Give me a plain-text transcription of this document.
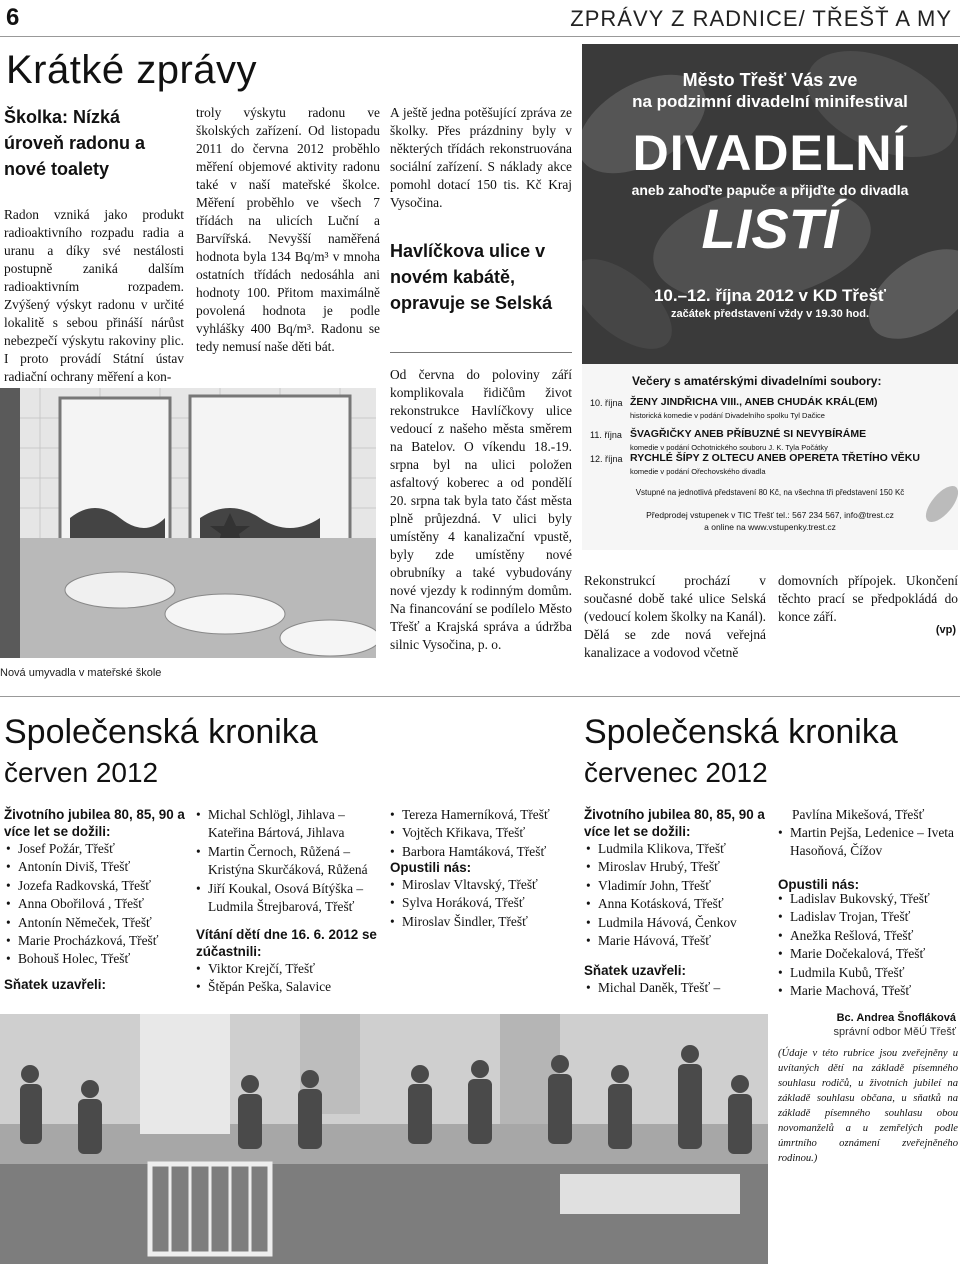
6	ZPRÁVY Z RADNICE/ TŘEŠŤ A MY
Krátké zprávy
Školka: Nízká úroveň radonu a nové toalety
Radon vzniká jako produkt radioaktivního rozpadu radia a uranu a díky své nestálosti postupně zaniká dalším radioaktivním rozpadem. Zvýšený výskyt radonu v určité lokalitě s sebou přináší nárůst nebezpečí výskytu rakoviny plic. I proto provádí Státní ústav radiační ochrany měření a kon-
troly výskytu radonu ve školských zařízení. Od listopadu 2011 do června 2012 proběhlo měření objemové aktivity radonu také v naší mateřské školce. Měření proběhlo ve všech 7 třídách na ulicích Luční a Barvířská. Nevyšší naměřená hodnota byla 134 Bq/m³ v mnoha ostatních třídách nedosáhla ani hodnoty 100. Přitom maximálně povolená hodnota je podle vyhlášky 400 Bq/m³. Radonu se tedy nemusí naše děti bát.
A ještě jedna potěšující zpráva ze školky. Přes prázdniny byly v některých třídách rekonstruována sociální zařízení. S náklady akce pomohl dotací 150 tis. Kč Kraj Vysočina.
Nová umyvadla v mateřské škole
Havlíčkova ulice v novém kabátě, opravuje se Selská
Od června do poloviny září komplikovala řidičům život rekonstrukce Havlíčkovy ulice vedoucí z našeho města směrem na Batelov. O víkendu 18.-19. srpna byl na ulici položen asfaltový koberec a od pondělí 20. srpna tak byla tato část města plně průjezdná. V ulici byly umístěny 4 kanalizační vpustě, byly zde umístěny nové obrubníky a také vybudovány nové vjezdy k rodinným domům. Na financování se podílelo Město Třešť a Krajská správa a údržba silnic Vysočina, p. o.
Město Třešť Vás zve
na podzimní divadelní minifestival
DIVADELNÍ
aneb zahoďte papuče a přijďte do divadla
LISTÍ
10.–12. října 2012 v KD Třešť
začátek představení vždy v 19.30 hod.
Večery s amatérskými divadelními soubory:
10. října ŽENY JINDŘICHA VIII., ANEB CHUDÁK KRÁL(EM)
historická komedie v podání Divadelního spolku Tyl Dačice
11. října ŠVAGŘIČKY ANEB PŘÍBUZNÉ SI NEVYBÍRÁME
komedie v podání Ochotnického souboru J. K. Tyla Počátky
12. října RYCHLÉ ŠÍPY Z OLTECU ANEB OPERETA TŘETÍHO VĚKU
komedie v podání Ořechovského divadla
Vstupné na jednotlivá představení 80 Kč, na všechna tři představení 150 Kč
Předprodej vstupenek v TIC Třešť tel.: 567 234 567, info@trest.cz
a online na www.vstupenky.trest.cz
Rekonstrukcí prochází v současné době také ulice Selská (vedoucí kolem školky na Kanál). Dělá se zde nová veřejná kanalizace a vodovod včetně
domovních přípojek. Ukončení těchto prací se předpokládá do konce září.
(vp)
Společenská kronika
červen 2012
Životního jubilea 80, 85, 90 a více let se dožili:
• Josef Požár, Třešť
• Antonín Diviš, Třešť
• Jozefa Radkovská, Třešť
• Anna Obořilová , Třešť
• Antonín Němeček, Třešť
• Marie Procházková, Třešť
• Bohouš Holec, Třešť
Sňatek uzavřeli:
• Michal Schlögl, Jihlava – Kateřina Bártová, Jihlava
• Martin Černoch, Růžená – Kristýna Skurčáková, Růžená
• Jiří Koukal, Osová Bítýška – Ludmila Štrejbarová, Třešť
Vítání dětí dne 16. 6. 2012 se zúčastnili:
• Viktor Krejčí, Třešť
• Štěpán Peška, Salavice
• Tereza Hamerníková, Třešť
• Vojtěch Křikava, Třešť
• Barbora Hamtáková, Třešť
Opustili nás:
• Miroslav Vltavský, Třešť
• Sylva Horáková, Třešť
• Miroslav Šindler, Třešť
Společenská kronika
červenec 2012
Životního jubilea 80, 85, 90 a více let se dožili:
• Ludmila Klikova, Třešť
• Miroslav Hrubý, Třešť
• Vladimír John, Třešť
• Anna Kotásková, Třešť
• Ludmila Hávová, Čenkov
• Marie Hávová, Třešť
Sňatek uzavřeli:
• Michal Daněk, Třešť –
Pavlína Mikešová, Třešť
• Martin Pejša, Ledenice – Iveta Hasoňová, Čížov
Opustili nás:
• Ladislav Bukovský, Třešť
• Ladislav Trojan, Třešť
• Anežka Rešlová, Třešť
• Marie Dočekalová, Třešť
• Ludmila Kubů, Třešť
• Marie Machová, Třešť
Bc. Andrea Šnofláková
správní odbor MěÚ Třešť
(Údaje v této rubrice jsou zveřejněny u uvítaných dětí na základě písemného souhlasu rodičů, u životních jubileí na základě souhlasu občana, u sňatků na základě písemného souhlasu obou novomanželů a u zemřelých podle úmrtního oznámení zveřejněného rodinou.)
